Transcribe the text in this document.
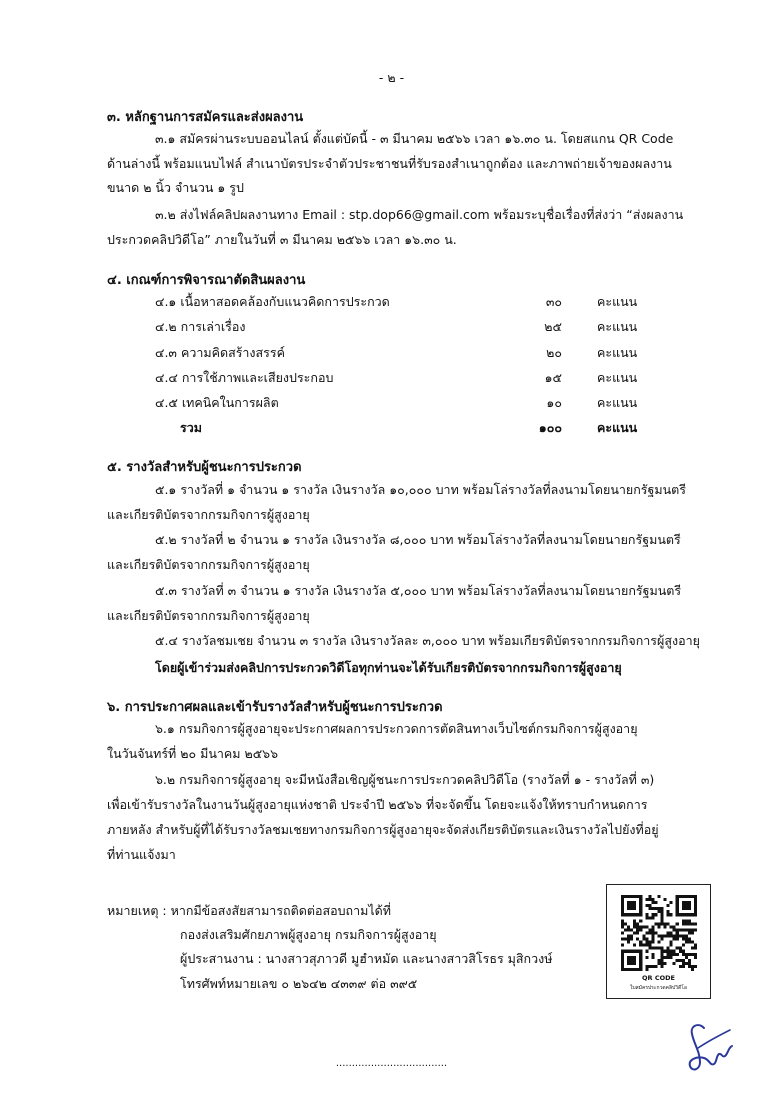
- ๒ -
๓. หลักฐานการสมัครและส่งผลงาน
๓.๑ สมัครผ่านระบบออนไลน์ ตั้งแต่บัดนี้ - ๓ มีนาคม ๒๕๖๖ เวลา ๑๖.๓๐ น. โดยสแกน QR Code
ด้านล่างนี้ พร้อมแนบไฟล์ สำเนาบัตรประจำตัวประชาชนที่รับรองสำเนาถูกต้อง และภาพถ่ายเจ้าของผลงาน
ขนาด ๒ นิ้ว จำนวน ๑ รูป
๓.๒ ส่งไฟล์คลิปผลงานทาง Email : stp.dop66@gmail.com พร้อมระบุชื่อเรื่องที่ส่งว่า “ส่งผลงาน
ประกวดคลิปวิดีโอ” ภายในวันที่ ๓ มีนาคม ๒๕๖๖ เวลา ๑๖.๓๐ น.
๔. เกณฑ์การพิจารณาตัดสินผลงาน
๔.๑ เนื้อหาสอดคล้องกับแนวคิดการประกวด	๓๐	คะแนน
๔.๒ การเล่าเรื่อง	๒๕	คะแนน
๔.๓ ความคิดสร้างสรรค์	๒๐	คะแนน
๔.๔ การใช้ภาพและเสียงประกอบ	๑๕	คะแนน
๔.๕ เทคนิคในการผลิต	๑๐	คะแนน
รวม	๑๐๐	คะแนน
๕. รางวัลสำหรับผู้ชนะการประกวด
๕.๑ รางวัลที่ ๑ จำนวน ๑ รางวัล เงินรางวัล ๑๐,๐๐๐ บาท พร้อมโล่รางวัลที่ลงนามโดยนายกรัฐมนตรี
และเกียรติบัตรจากกรมกิจการผู้สูงอายุ
๕.๒ รางวัลที่ ๒ จำนวน ๑ รางวัล เงินรางวัล ๘,๐๐๐ บาท พร้อมโล่รางวัลที่ลงนามโดยนายกรัฐมนตรี
และเกียรติบัตรจากกรมกิจการผู้สูงอายุ
๕.๓ รางวัลที่ ๓ จำนวน ๑ รางวัล เงินรางวัล ๕,๐๐๐ บาท พร้อมโล่รางวัลที่ลงนามโดยนายกรัฐมนตรี
และเกียรติบัตรจากกรมกิจการผู้สูงอายุ
๕.๔ รางวัลชมเชย จำนวน ๓ รางวัล เงินรางวัลละ ๓,๐๐๐ บาท พร้อมเกียรติบัตรจากกรมกิจการผู้สูงอายุ
โดยผู้เข้าร่วมส่งคลิปการประกวดวิดีโอทุกท่านจะได้รับเกียรติบัตรจากกรมกิจการผู้สูงอายุ
๖. การประกาศผลและเข้ารับรางวัลสำหรับผู้ชนะการประกวด
๖.๑ กรมกิจการผู้สูงอายุจะประกาศผลการประกวดการตัดสินทางเว็บไซต์กรมกิจการผู้สูงอายุ
ในวันจันทร์ที่ ๒๐ มีนาคม ๒๕๖๖
๖.๒ กรมกิจการผู้สูงอายุ จะมีหนังสือเชิญผู้ชนะการประกวดคลิปวิดีโอ (รางวัลที่ ๑ - รางวัลที่ ๓)
เพื่อเข้ารับรางวัลในงานวันผู้สูงอายุแห่งชาติ ประจำปี ๒๕๖๖ ที่จะจัดขึ้น โดยจะแจ้งให้ทราบกำหนดการ
ภายหลัง สำหรับผู้ที่ได้รับรางวัลชมเชยทางกรมกิจการผู้สูงอายุจะจัดส่งเกียรติบัตรและเงินรางวัลไปยังที่อยู่
ที่ท่านแจ้งมา
หมายเหตุ : หากมีข้อสงสัยสามารถติดต่อสอบถามได้ที่
กองส่งเสริมศักยภาพผู้สูงอายุ กรมกิจการผู้สูงอายุ
ผู้ประสานงาน : นางสาวสุภาวดี มูฮำหมัด และนางสาวสิโรธร มุสิกวงษ์
โทรศัพท์หมายเลข ๐ ๒๖๔๒ ๔๓๓๙ ต่อ ๓๙๕	QR CODE
ใบสมัครประกวดคลิปวิดีโอ
...................................
